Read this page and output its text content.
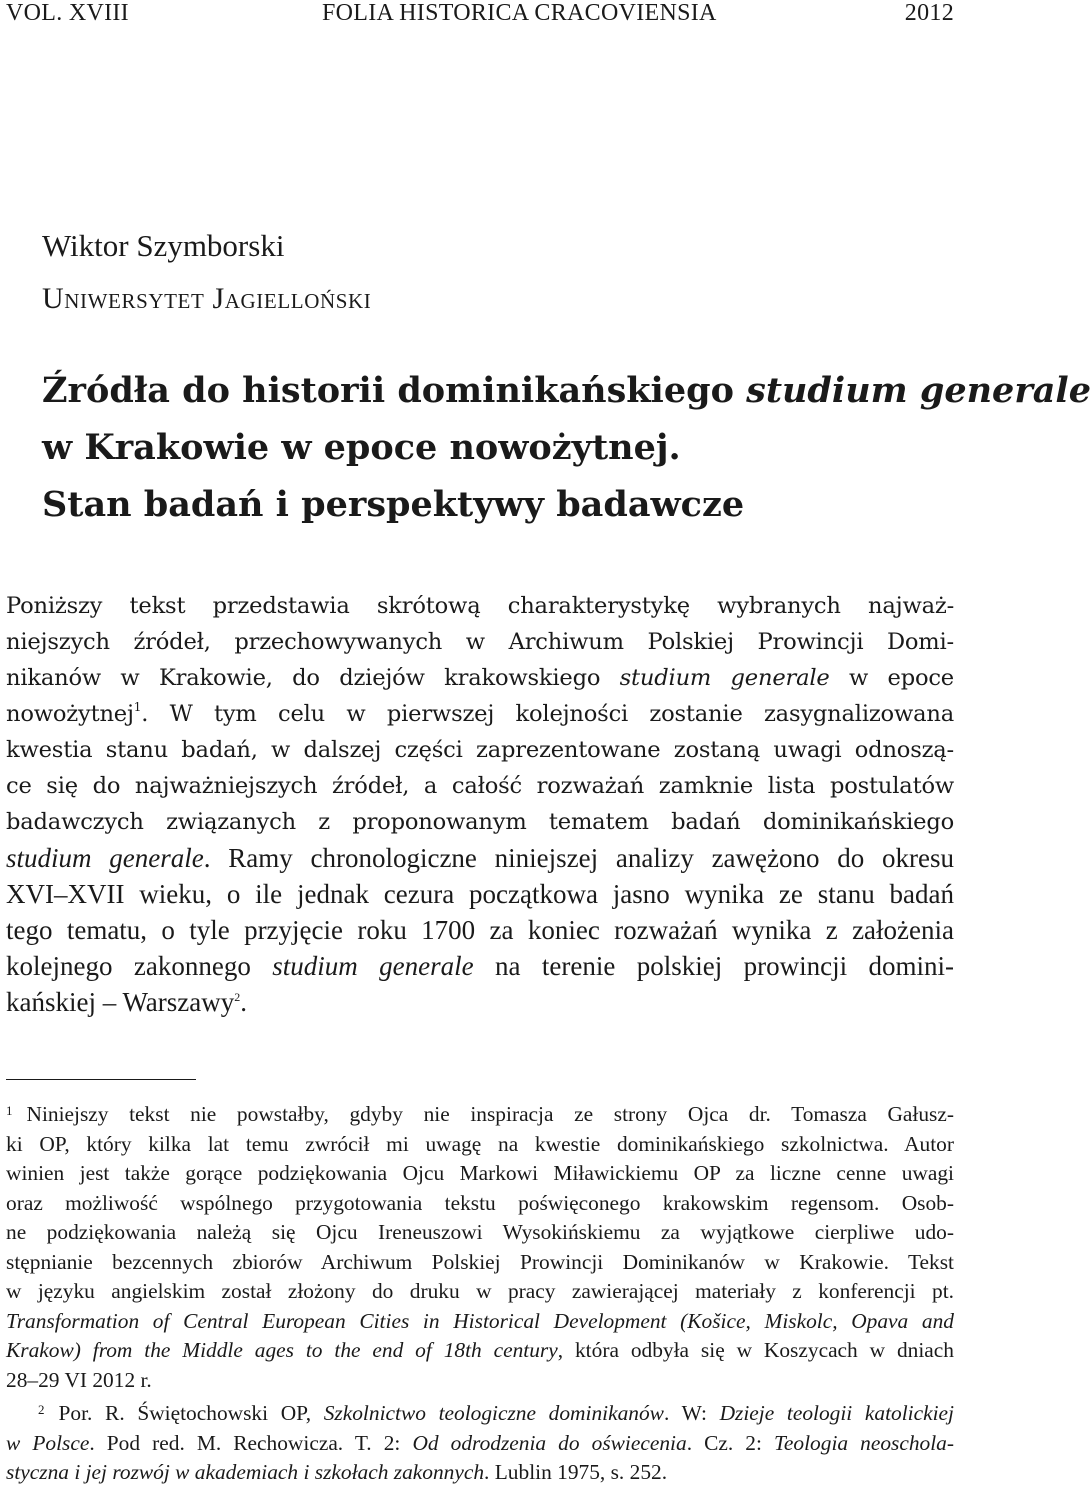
VOL. XVIII	FOLIA HISTORICA CRACOVIENSIA	2012
Wiktor Szymborski
Uniwersytet Jagielloński
Źródła do historii dominikańskiego studium generale
w Krakowie w epoce nowożytnej.
Stan badań i perspektywy badawcze
Poniższy tekst przedstawia skrótową charakterystykę wybranych najważ-
niejszych źródeł, przechowywanych w Archiwum Polskiej Prowincji Domi-
nikanów w Krakowie, do dziejów krakowskiego studium generale w epoce
nowożytnej$^1$. W tym celu w pierwszej kolejności zostanie zasygnalizowana
kwestia stanu badań, w dalszej części zaprezentowane zostaną uwagi odnoszą-
ce się do najważniejszych źródeł, a całość rozważań zamknie lista postulatów
badawczych związanych z proponowanym tematem badań dominikańskiego
studium generale. Ramy chronologiczne niniejszej analizy zawężono do okresu
XVI–XVII wieku, o ile jednak cezura początkowa jasno wynika ze stanu badań
tego tematu, o tyle przyjęcie roku 1700 za koniec rozważań wynika z założenia
kolejnego zakonnego studium generale na terenie polskiej prowincji domini-
kańskiej – Warszawy$^2$.
$^1$ Niniejszy tekst nie powstałby, gdyby nie inspiracja ze strony Ojca dr. Tomasza Gałusz-
ki OP, który kilka lat temu zwrócił mi uwagę na kwestie dominikańskiego szkolnictwa. Autor
winien jest także gorące podziękowania Ojcu Markowi Miławickiemu OP za liczne cenne uwagi
oraz możliwość wspólnego przygotowania tekstu poświęconego krakowskim regensom. Osob-
ne podziękowania należą się Ojcu Ireneuszowi Wysokińskiemu za wyjątkowe cierpliwe udo-
stępnianie bezcennych zbiorów Archiwum Polskiej Prowincji Dominikanów w Krakowie. Tekst
w języku angielskim został złożony do druku w pracy zawierającej materiały z konferencji pt.
Transformation of Central European Cities in Historical Development (Košice, Miskolc, Opava and
Krakow) from the Middle ages to the end of 18th century, która odbyła się w Koszycach w dniach
28–29 VI 2012 r.
$^2$ Por. R. Świętochowski OP, Szkolnictwo teologiczne dominikanów. W: Dzieje teologii katolickiej
w Polsce. Pod red. M. Rechowicza. T. 2: Od odrodzenia do oświecenia. Cz. 2: Teologia neoschola-
styczna i jej rozwój w akademiach i szkołach zakonnych. Lublin 1975, s. 252.
